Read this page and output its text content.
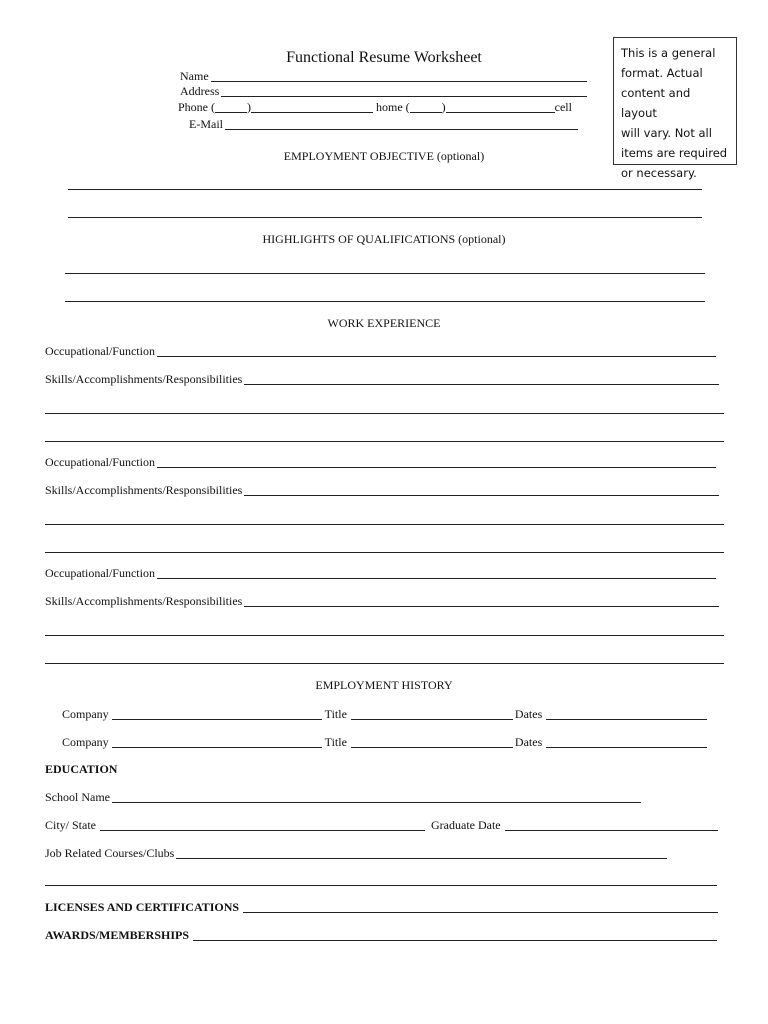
Functional Resume Worksheet	This is a general
format. Actual
content and layout
will vary. Not all
items are required
or necessary.
Name
Address
Phone (	)	home (	)	cell
E-Mail
EMPLOYMENT OBJECTIVE (optional)
HIGHLIGHTS OF QUALIFICATIONS (optional)
WORK EXPERIENCE
Occupational/Function
Skills/Accomplishments/Responsibilities
Occupational/Function
Skills/Accomplishments/Responsibilities
Occupational/Function
Skills/Accomplishments/Responsibilities
EMPLOYMENT HISTORY
Company	Title	Dates
Company	Title	Dates
EDUCATION
School Name
City/ State	Graduate Date
Job Related Courses/Clubs
LICENSES AND CERTIFICATIONS
AWARDS/MEMBERSHIPS
